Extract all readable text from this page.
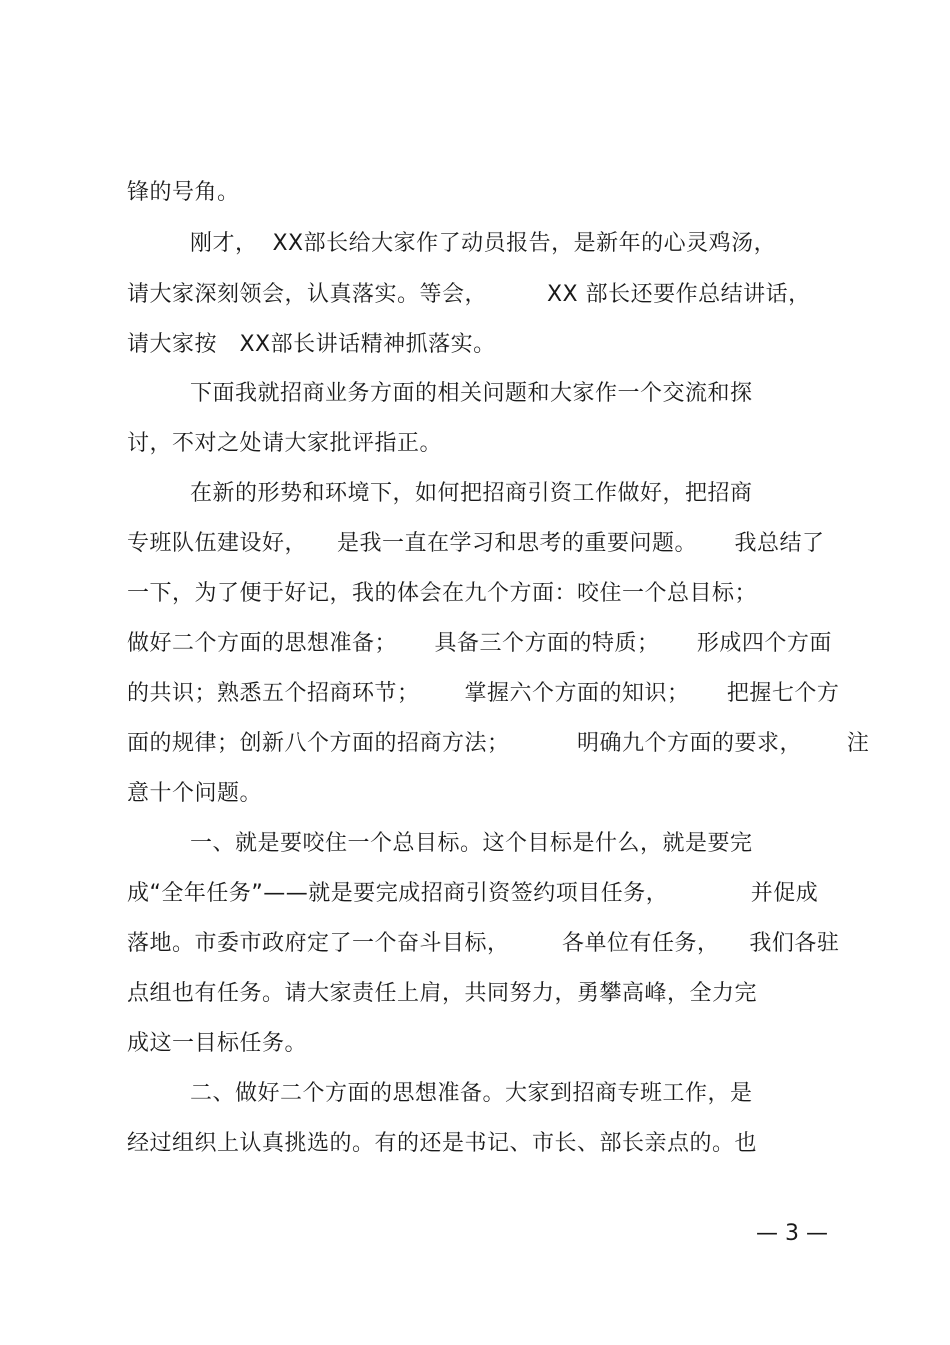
锋的号角。
刚才，  XX部长给大家作了动员报告，是新年的心灵鸡汤，
请大家深刻领会，认真落实。等会，        XX 部长还要作总结讲话，
请大家按   XX部长讲话精神抓落实。
下面我就招商业务方面的相关问题和大家作一个交流和探
讨，不对之处请大家批评指正。
在新的形势和环境下，如何把招商引资工作做好，把招商
专班队伍建设好，    是我一直在学习和思考的重要问题。     我总结了
一下，为了便于好记，我的体会在九个方面：咬住一个总目标；
做好二个方面的思想准备；     具备三个方面的特质；     形成四个方面
的共识；熟悉五个招商环节；      掌握六个方面的知识；     把握七个方
面的规律；创新八个方面的招商方法；         明确九个方面的要求，      注
意十个问题。
一、就是要咬住一个总目标。这个目标是什么，就是要完
成“全年任务”——就是要完成招商引资签约项目任务，           并促成
落地。市委市政府定了一个奋斗目标，       各单位有任务，    我们各驻
点组也有任务。请大家责任上肩，共同努力，勇攀高峰，全力完
成这一目标任务。
二、做好二个方面的思想准备。大家到招商专班工作，是
经过组织上认真挑选的。有的还是书记、市长、部长亲点的。也
— 3 —
